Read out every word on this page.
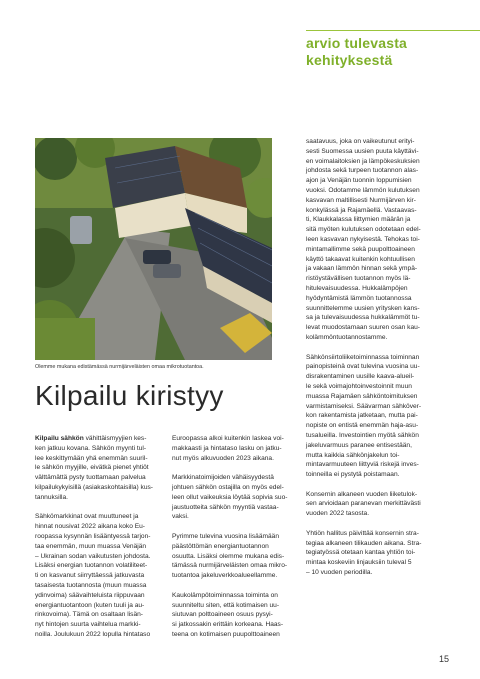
arvio tulevasta
kehityksestä
Olemme mukana edistämässä nurmijärveläisten omaa mikrotuotantoa.
Kilpailu kiristyy

Kilpailu sähkön vähittäismyyjien kes-
ken jatkuu kovana. Sähkön myynti tul-
lee keskittymään yhä enemmän suuril-
le sähkön myyjille, eivätkä pienet yhtiöt
välttämättä pysty tuottamaan palvelua
kilpailukykyisillä (asiakaskohtaisilla) kus-
tannuksilla.

Sähkömarkkinat ovat muuttuneet ja
hinnat nousivat 2022 aikana koko Eu-
roopassa kysynnän lisääntyessä tarjon-
taa enemmän, muun muassa Venäjän
– Ukrainan sodan vaikutusten johdosta.
Lisäksi energian tuotannon volatiliteet-
ti on kasvanut siirryttäessä jatkuvasta
tasaisesta tuotannosta (muun muassa
ydinvoima) säävaihteluista riippuvaan
energiantuotantoon (kuten tuuli ja au-
rinkovoima). Tämä on osaltaan lisän-
nyt hintojen suurta vaihtelua markki-
noilla. Joulukuun 2022 lopulla hintataso

Euroopassa alkoi kuitenkin laskea voi-
makkaasti ja hintataso lasku on jatku-
nut myös alkuvuoden 2023 aikana.

Markkinatoimijoiden vähäisyydestä
johtuen sähkön ostajilla on myös edel-
leen ollut vaikeuksia löytää sopivia suo-
jaustuotteita sähkön myyntiä vastaa-
vaksi.

Pyrimme tulevina vuosina lisäämään
päästöttömän energiantuotannon
osuutta. Lisäksi olemme mukana edis-
tämässä nurmijärveläisten omaa mikro-
tuotantoa jakeluverkkoalueellamme.

Kaukolämpötoiminnassa toiminta on
suunniteltu siten, että kotimaisen uu-
siutuvan polttoaineen osuus pysyi-
si jatkossakin erittäin korkeana. Haas-
teena on kotimaisen puupolttoaineen

saatavuus, joka on vaikeutunut erityi-
sesti Suomessa uusien puuta käyttävi-
en voimalaitoksien ja lämpökeskuksien
johdosta sekä turpeen tuotannon alas-
ajon ja Venäjän tuonnin loppumisien
vuoksi. Odotamme lämmön kulutuksen
kasvavan maltillisesti Nurmijärven kir-
konkylässä ja Rajamäellä. Vastaavas-
ti, Klaukkalassa liittymien määrän ja
sitä myöten kulutuksen odotetaan edel-
leen kasvavan nykyisestä. Tehokas toi-
mintamallimme sekä puupolttoaineen
käyttö takaavat kuitenkin kohtuullisen
ja vakaan lämmön hinnan sekä ympä-
ristöystävällisen tuotannon myös lä-
hitulevaisuudessa. Hukkalämpöjen
hyödyntämistä lämmön tuotannossa
suunnittelemme uusien yritysken kans-
sa ja tulevaisuudessa hukkalämmöt tu-
levat muodostamaan suuren osan kau-
kolämmöntuotannostamme.

Sähkönsiirtoliiketoiminnassa toiminnan
painopisteinä ovat tulevina vuosina uu-
disrakentaminen uusille kaava-alueil-
le sekä voimajohtoinvestoinnit muun
muassa Rajamäen sähköntoimituksen
varmistamiseksi. Säävarman sähköver-
kon rakentamista jatketaan, mutta pai-
nopiste on entistä enemmän haja-asu-
tusalueilla. Investointien myötä sähkön
jakeluvarmuus paranee entisestään,
mutta kaikkia sähkönjakelun toi-
mintavarmuuteen liittyviä riskejä inves-
toinneilla ei pystytä poistamaan.

Konsernin alkaneen vuoden liiketulok-
sen arvioidaan paranevan merkittävästi
vuoden 2022 tasosta.

Yhtiön hallitus päivittää konsernin stra-
tegiaa alkaneen tilikauden aikana. Stra-
tegiatyössä otetaan kantaa yhtiön toi-
mintaa koskeviin linjauksiin tuleval 5
– 10 vuoden periodilla.

15
